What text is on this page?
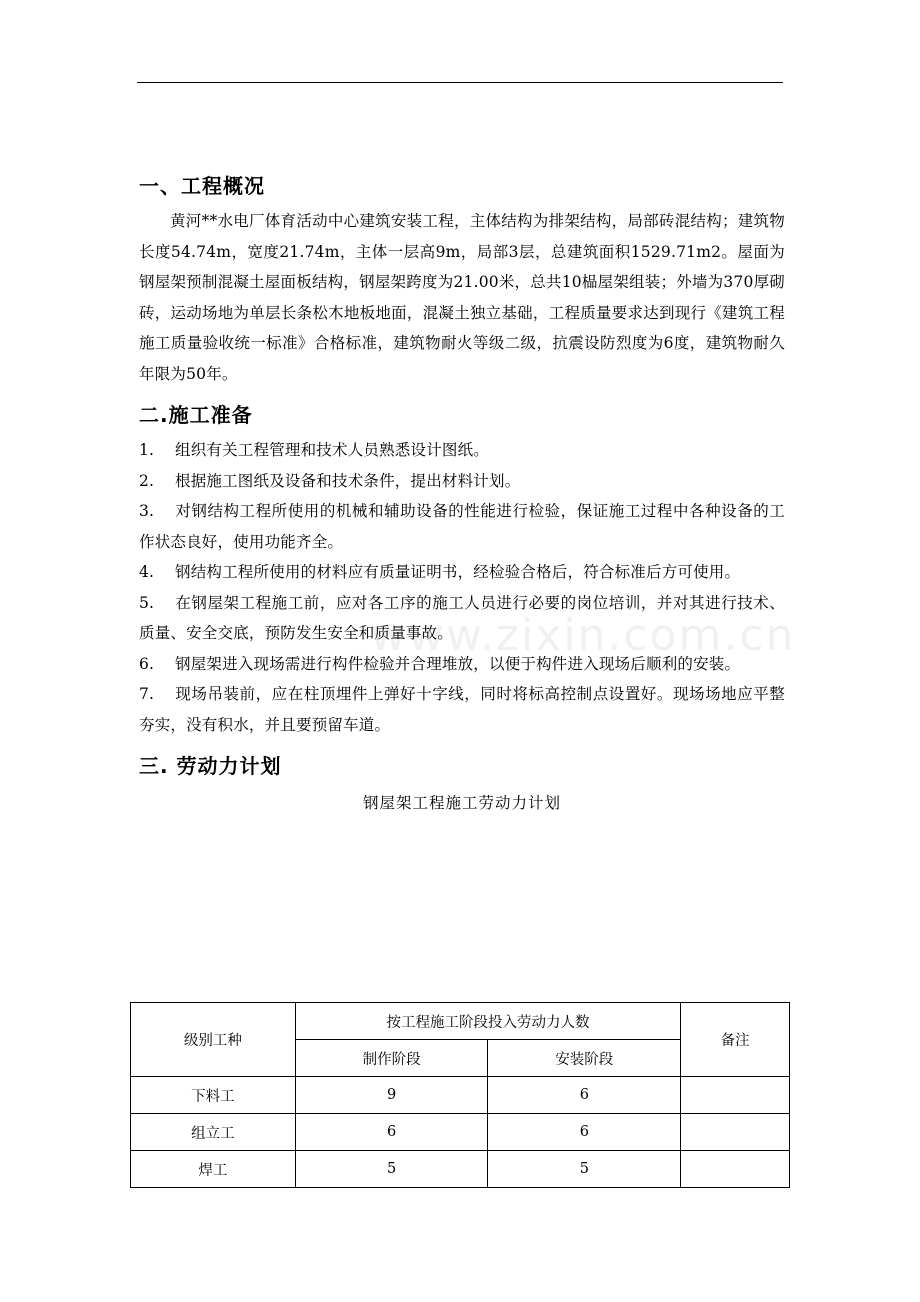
www.zixin.com.cn
一、工程概况

黄河**水电厂体育活动中心建筑安装工程，主体结构为排架结构，局部砖混结构；建筑物长度54.74m，宽度21.74m，主体一层高9m，局部3层，总建筑面积1529.71m2。屋面为钢屋架预制混凝土屋面板结构，钢屋架跨度为21.00米，总共10榀屋架组装；外墙为370厚砌砖，运动场地为单层长条松木地板地面，混凝土独立基础，工程质量要求达到现行《建筑工程施工质量验收统一标准》合格标准，建筑物耐火等级二级，抗震设防烈度为6度，建筑物耐久年限为50年。

二.施工准备

1. 组织有关工程管理和技术人员熟悉设计图纸。

2. 根据施工图纸及设备和技术条件，提出材料计划。

3. 对钢结构工程所使用的机械和辅助设备的性能进行检验，保证施工过程中各种设备的工作状态良好，使用功能齐全。

4. 钢结构工程所使用的材料应有质量证明书，经检验合格后，符合标准后方可使用。

5. 在钢屋架工程施工前，应对各工序的施工人员进行必要的岗位培训，并对其进行技术、质量、安全交底，预防发生安全和质量事故。

6. 钢屋架进入现场需进行构件检验并合理堆放，以便于构件进入现场后顺利的安装。

7. 现场吊装前，应在柱顶埋件上弹好十字线，同时将标高控制点设置好。现场场地应平整夯实，没有积水，并且要预留车道。

三. 劳动力计划
钢屋架工程施工劳动力计划
级别工种	按工程施工阶段投入劳动力人数		备注
	制作阶段	安装阶段	
下料工	9	6	
组立工	6	6	
焊工	5	5	
